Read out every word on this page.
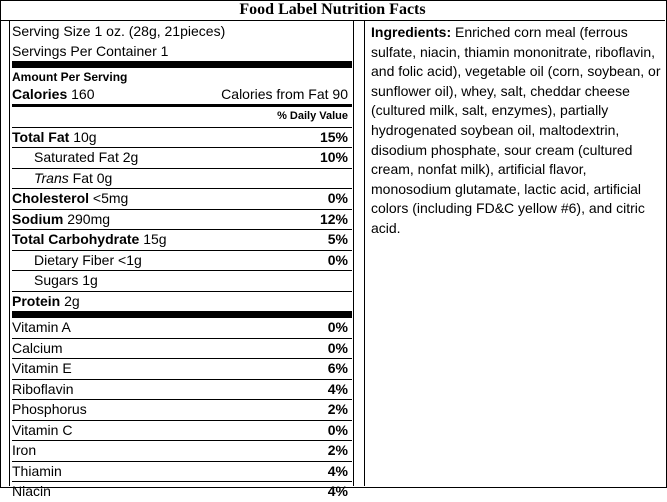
Food Label Nutrition Facts
Serving Size 1 oz. (28g, 21pieces)
Servings Per Container 1
Amount Per Serving
Calories 160	Calories from Fat 90
% Daily Value
Total Fat 10g	15%
Saturated Fat 2g	10%
Trans Fat 0g
Cholesterol <5mg	0%
Sodium 290mg	12%
Total Carbohydrate 15g	5%
Dietary Fiber <1g	0%
Sugars 1g
Protein 2g
Vitamin A	0%
Calcium	0%
Vitamin E	6%
Riboflavin	4%
Phosphorus	2%
Vitamin C	0%
Iron	2%
Thiamin	4%
Niacin	4%
Ingredients: Enriched corn meal (ferrous sulfate, niacin, thiamin mononitrate, riboflavin, and folic acid), vegetable oil (corn, soybean, or sunflower oil), whey, salt, cheddar cheese (cultured milk, salt, enzymes), partially hydrogenated soybean oil, maltodextrin, disodium phosphate, sour cream (cultured cream, nonfat milk), artificial flavor, monosodium glutamate, lactic acid, artificial colors (including FD&C yellow #6), and citric acid.
